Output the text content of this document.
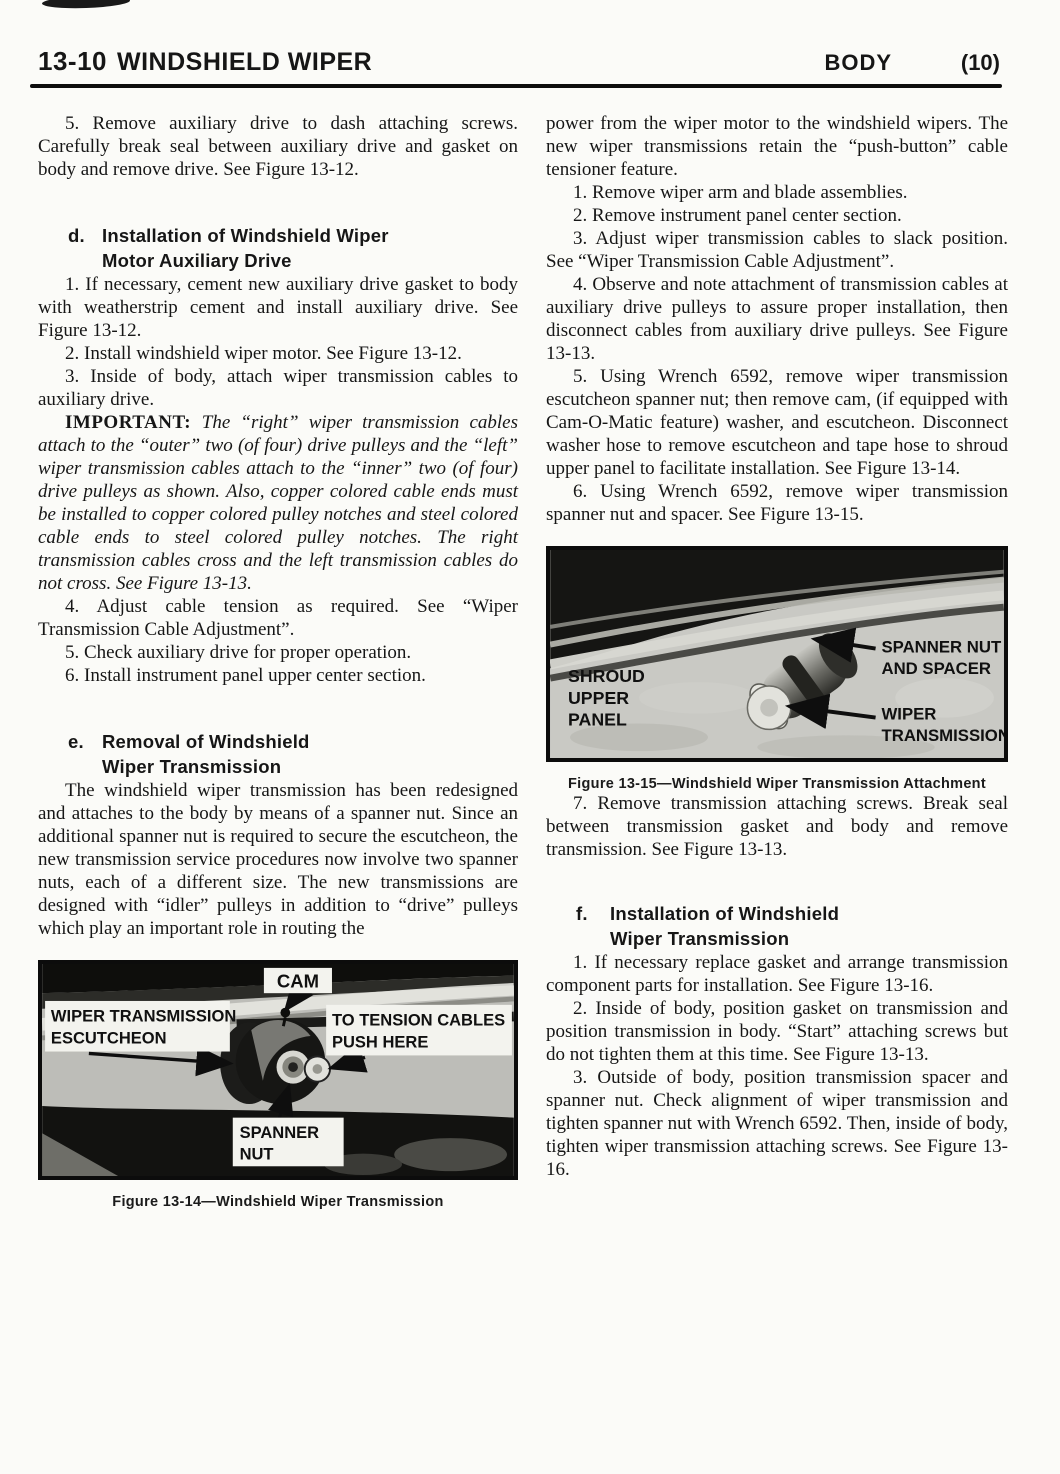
13-10 WINDSHIELD WIPER	BODY	(10)

5. Remove auxiliary drive to dash attaching screws. Carefully break seal between auxiliary drive and gasket on body and remove drive. See Figure 13-12.

d. Installation of Windshield Wiper
Motor Auxiliary Drive

1. If necessary, cement new auxiliary drive gasket to body with weatherstrip cement and install auxiliary drive. See Figure 13-12.

2. Install windshield wiper motor. See Figure 13-12.

3. Inside of body, attach wiper transmission cables to auxiliary drive.

IMPORTANT: The “right” wiper transmission cables attach to the “outer” two (of four) drive pulleys and the “left” wiper transmission cables attach to the “inner” two (of four) drive pulleys as shown. Also, copper colored cable ends must be installed to copper colored pulley notches and steel colored cable ends to steel colored pulley notches. The right transmission cables cross and the left transmission cables do not cross. See Figure 13-13.

4. Adjust cable tension as required. See “Wiper Transmission Cable Adjustment”.

5. Check auxiliary drive for proper operation.

6. Install instrument panel upper center section.

e. Removal of Windshield
Wiper Transmission

The windshield wiper transmission has been redesigned and attaches to the body by means of a spanner nut. Since an additional spanner nut is required to secure the escutcheon, the new transmission service procedures now involve two spanner nuts, each of a different size. The new transmissions are designed with “idler” pulleys in addition to “drive” pulleys which play an important role in routing the

CAM
WIPER TRANSMISSION
ESCUTCHEON
TO TENSION CABLES
PUSH HERE
SPANNER
NUT
Figure 13-14—Windshield Wiper Transmission

power from the wiper motor to the windshield wipers. The new wiper transmissions retain the “push-button” cable tensioner feature.

1. Remove wiper arm and blade assemblies.

2. Remove instrument panel center section.

3. Adjust wiper transmission cables to slack position. See “Wiper Transmission Cable Adjustment”.

4. Observe and note attachment of transmission cables at auxiliary drive pulleys to assure proper installation, then disconnect cables from auxiliary drive pulleys. See Figure 13-13.

5. Using Wrench 6592, remove wiper transmission escutcheon spanner nut; then remove cam, (if equipped with Cam-O-Matic feature) washer, and escutcheon. Disconnect washer hose to remove escutcheon and tape hose to shroud upper panel to facilitate installation. See Figure 13-14.

6. Using Wrench 6592, remove wiper transmission spanner nut and spacer. See Figure 13-15.

SHROUD
UPPER
PANEL
SPANNER NUT
AND SPACER
WIPER
TRANSMISSION
Figure 13-15—Windshield Wiper Transmission Attachment

7. Remove transmission attaching screws. Break seal between transmission gasket and body and remove transmission. See Figure 13-13.

f.	Installation of Windshield
Wiper Transmission

1. If necessary replace gasket and arrange transmission component parts for installation. See Figure 13-16.

2. Inside of body, position gasket on transmission and position transmission in body. “Start” attaching screws but do not tighten them at this time. See Figure 13-13.

3. Outside of body, position transmission spacer and spanner nut. Check alignment of wiper transmission and tighten spanner nut with Wrench 6592. Then, inside of body, tighten wiper transmission attaching screws. See Figure 13-16.
